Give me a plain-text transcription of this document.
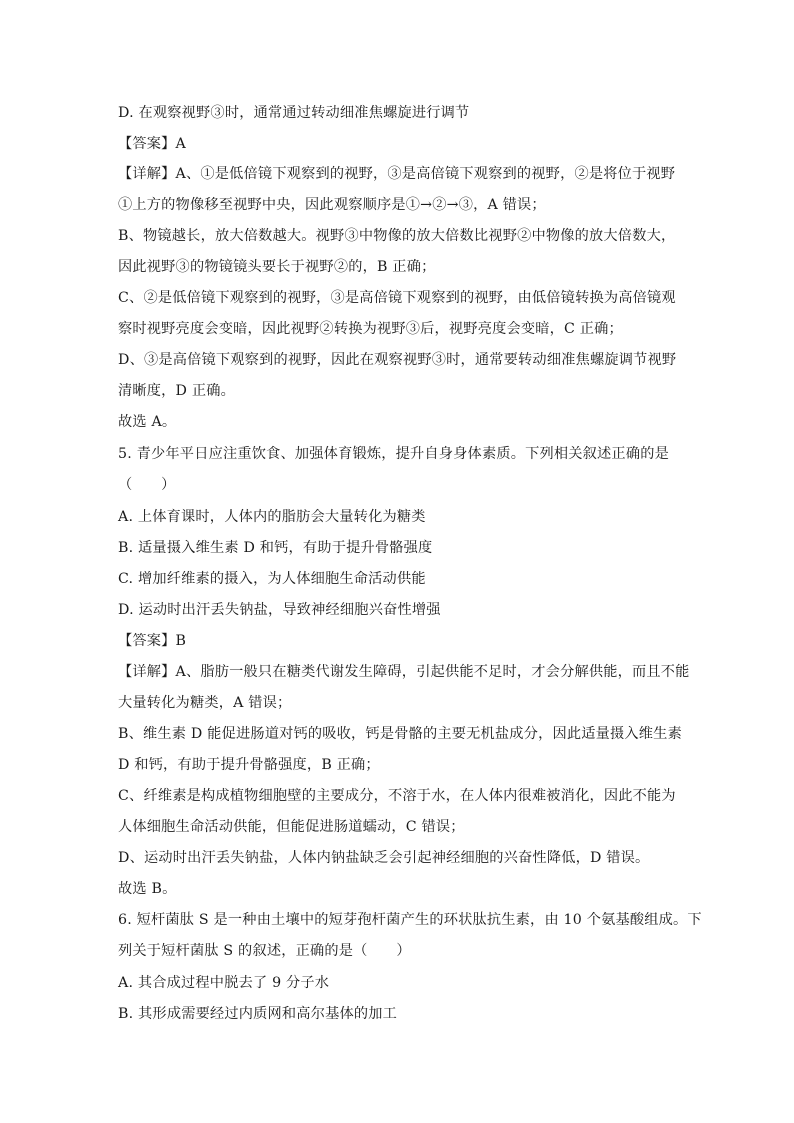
D. 在观察视野③时，通常通过转动细准焦螺旋进行调节
【答案】A
【详解】A、①是低倍镜下观察到的视野，③是高倍镜下观察到的视野，②是将位于视野
①上方的物像移至视野中央，因此观察顺序是①→②→③，A 错误；
B、物镜越长，放大倍数越大。视野③中物像的放大倍数比视野②中物像的放大倍数大，
因此视野③的物镜镜头要长于视野②的，B 正确；
C、②是低倍镜下观察到的视野，③是高倍镜下观察到的视野，由低倍镜转换为高倍镜观
察时视野亮度会变暗，因此视野②转换为视野③后，视野亮度会变暗，C 正确；
D、③是高倍镜下观察到的视野，因此在观察视野③时，通常要转动细准焦螺旋调节视野
清晰度，D 正确。
故选 A。
5. 青少年平日应注重饮食、加强体育锻炼，提升自身身体素质。下列相关叙述正确的是
（　　）
A. 上体育课时，人体内的脂肪会大量转化为糖类
B. 适量摄入维生素 D 和钙，有助于提升骨骼强度
C. 增加纤维素的摄入，为人体细胞生命活动供能
D. 运动时出汗丢失钠盐，导致神经细胞兴奋性增强
【答案】B
【详解】A、脂肪一般只在糖类代谢发生障碍，引起供能不足时，才会分解供能，而且不能
大量转化为糖类，A 错误；
B、维生素 D 能促进肠道对钙的吸收，钙是骨骼的主要无机盐成分，因此适量摄入维生素
D 和钙，有助于提升骨骼强度，B 正确；
C、纤维素是构成植物细胞壁的主要成分，不溶于水，在人体内很难被消化，因此不能为
人体细胞生命活动供能，但能促进肠道蠕动，C 错误；
D、运动时出汗丢失钠盐，人体内钠盐缺乏会引起神经细胞的兴奋性降低，D 错误。
故选 B。
6. 短杆菌肽 S 是一种由土壤中的短芽孢杆菌产生的环状肽抗生素，由 10 个氨基酸组成。下
列关于短杆菌肽 S 的叙述，正确的是（　　）
A. 其合成过程中脱去了 9 分子水
B. 其形成需要经过内质网和高尔基体的加工
